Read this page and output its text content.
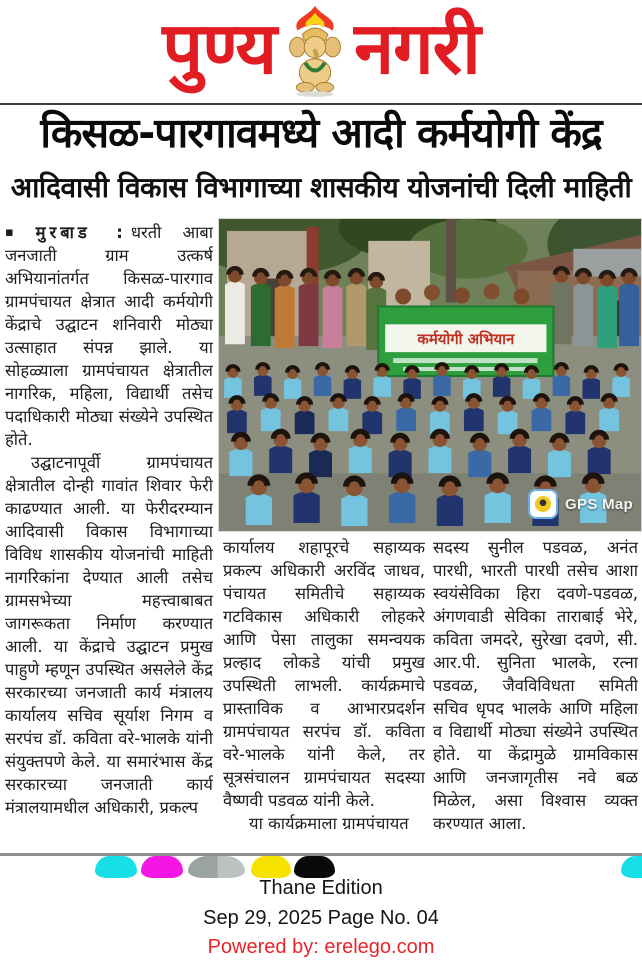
पुण्य नगरी
किसळ-पारगावमध्ये आदी कर्मयोगी केंद्र
आदिवासी विकास विभागाच्या शासकीय योजनांची दिली माहिती

▪ मुरबाड : धरती आबा जनजाती ग्राम उत्कर्ष अभियानांतर्गत किसळ-पारगाव ग्रामपंचायत क्षेत्रात आदी कर्मयोगी केंद्राचे उद्घाटन शनिवारी मोठ्या उत्साहात संपन्न झाले. या सोहळ्याला ग्रामपंचायत क्षेत्रातील नागरिक, महिला, विद्यार्थी तसेच पदाधिकारी मोठ्या संख्येने उपस्थित होते.

उद्घाटनापूर्वी ग्रामपंचायत क्षेत्रातील दोन्ही गावांत शिवार फेरी काढण्यात आली. या फेरीदरम्यान आदिवासी विकास विभागाच्या विविध शासकीय योजनांची माहिती नागरिकांना देण्यात आली तसेच ग्रामसभेच्या महत्त्वाबाबत जागरूकता निर्माण करण्यात आली. या केंद्राचे उद्घाटन प्रमुख पाहुणे म्हणून उपस्थित असलेले केंद्र सरकारच्या जनजाती कार्य मंत्रालय कार्यालय सचिव सूर्याश निगम व सरपंच डॉ. कविता वरे-भालके यांनी संयुक्तपणे केले. या समारंभास केंद्र सरकारच्या जनजाती कार्य मंत्रालयामधील अधिकारी, प्रकल्प

कर्मयोगी अभियान
GPS Map

कार्यालय शहापूरचे सहाय्यक प्रकल्प अधिकारी अरविंद जाधव, पंचायत समितीचे सहाय्यक गटविकास अधिकारी लोहकरे आणि पेसा तालुका समन्वयक प्रल्हाद लोकडे यांची प्रमुख उपस्थिती लाभली. कार्यक्रमाचे प्रास्ताविक व आभारप्रदर्शन ग्रामपंचायत सरपंच डॉ. कविता वरे-भालके यांनी केले, तर सूत्रसंचालन ग्रामपंचायत सदस्या वैष्णवी पडवळ यांनी केले.

या कार्यक्रमाला ग्रामपंचायत

सदस्य सुनील पडवळ, अनंत पारधी, भारती पारधी तसेच आशा स्वयंसेविका हिरा दवणे-पडवळ, अंगणवाडी सेविका ताराबाई भेरे, कविता जमदरे, सुरेखा दवणे, सी. आर.पी. सुनिता भालके, रत्ना पडवळ, जैवविविधता समिती सचिव धृपद भालके आणि महिला व विद्यार्थी मोठ्या संख्येने उपस्थित होते. या केंद्रामुळे ग्रामविकास आणि जनजागृतीस नवे बळ मिळेल, असा विश्वास व्यक्त करण्यात आला.

Thane Edition
Sep 29, 2025 Page No. 04
Powered by: erelego.com
